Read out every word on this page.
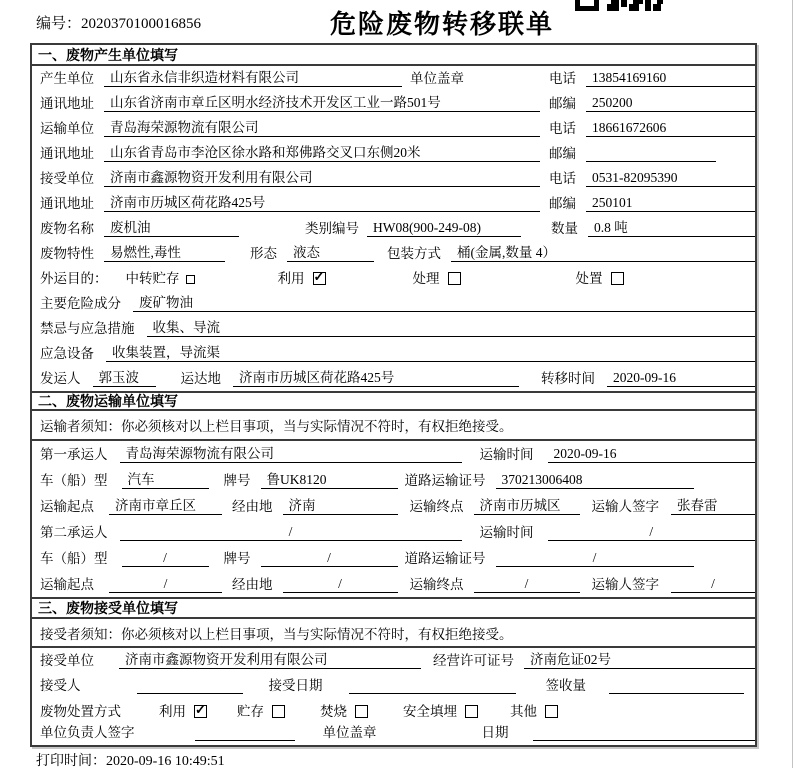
编号：2020370100016856	危险废物转移联单
一、废物产生单位填写
产生单位	山东省永信非织造材料有限公司	单位盖章	电话	13854169160
通讯地址	山东省济南市章丘区明水经济技术开发区工业一路501号	邮编	250200
运输单位	青岛海荣源物流有限公司	电话	18661672606
通讯地址	山东省青岛市李沧区徐水路和郑佛路交叉口东侧20米	邮编
接受单位	济南市鑫源物资开发利用有限公司	电话	0531-82095390
通讯地址	济南市历城区荷花路425号	邮编	250101
废物名称	废机油	类别编号	HW08(900-249-08)	数量	0.8 吨
废物特性	易燃性,毒性	形态	液态	包装方式	桶(金属,数量 4）
外运目的： 中转贮存	利用 ✓	处理	处置
主要危险成分	废矿物油
禁忌与应急措施	收集、导流
应急设备	收集装置，导流渠
发运人	郭玉波	运达地	济南市历城区荷花路425号	转移时间	2020-09-16
二、废物运输单位填写
运输者须知：你必须核对以上栏目事项，当与实际情况不符时，有权拒绝接受。
第一承运人	青岛海荣源物流有限公司	运输时间	2020-09-16
车（船）型	汽车	牌号	鲁UK8120	道路运输证号	370213006408
运输起点	济南市章丘区	经由地	济南	运输终点	济南市历城区	运输人签字	张春雷
第二承运人	/	运输时间	/
车（船）型	/	牌号	/	道路运输证号	/
运输起点	/	经由地	/	运输终点	/	运输人签字	/
三、废物接受单位填写
接受者须知：你必须核对以上栏目事项，当与实际情况不符时，有权拒绝接受。
接受单位	济南市鑫源物资开发利用有限公司	经营许可证号	济南危证02号
接受人	接受日期	签收量
废物处置方式	利用 ✓	贮存	焚烧	安全填埋	其他
单位负责人签字	单位盖章	日期
打印时间：2020-09-16 10:49:51
